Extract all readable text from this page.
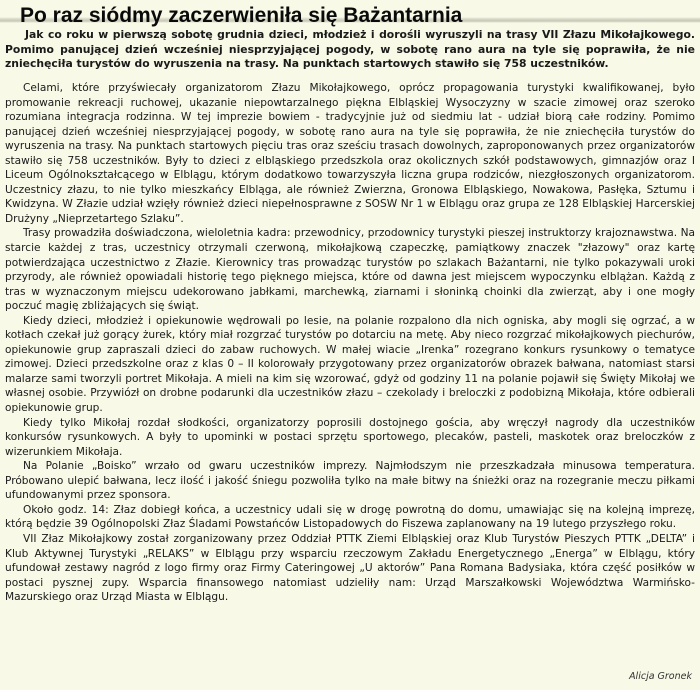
Po raz siódmy zaczerwieniła się Bażantarnia

Jak co roku w pierwszą sobotę grudnia dzieci, młodzież i dorośli wyruszyli na trasy VII Złazu Mikołajkowego. Pomimo panującej dzień wcześniej niesprzyjającej pogody, w sobotę rano aura na tyle się poprawiła, że nie zniechęciła turystów do wyruszenia na trasy. Na punktach startowych stawiło się 758 uczestników.

Celami, które przyświecały organizatorom Złazu Mikołajkowego, oprócz propagowania turystyki kwalifikowanej, było promowanie rekreacji ruchowej, ukazanie niepowtarzalnego piękna Elbląskiej Wysoczyzny w szacie zimowej oraz szeroko rozumiana integracja rodzinna. W tej imprezie bowiem - tradycyjnie już od siedmiu lat - udział biorą całe rodziny. Pomimo panującej dzień wcześniej niesprzyjającej pogody, w sobotę rano aura na tyle się poprawiła, że nie zniechęciła turystów do wyruszenia na trasy. Na punktach startowych pięciu tras oraz sześciu trasach dowolnych, zaproponowanych przez organizatorów stawiło się 758 uczestników. Były to dzieci z elbląskiego przedszkola oraz okolicznych szkół podstawowych, gimnazjów oraz I Liceum Ogólnokształcącego w Elblągu, którym dodatkowo towarzyszyła liczna grupa rodziców, niezgłoszonych organizatorom. Uczestnicy złazu, to nie tylko mieszkańcy Elbląga, ale również Zwierzna, Gronowa Elbląskiego, Nowakowa, Pasłęka, Sztumu i Kwidzyna. W Złazie udział wzięły również dzieci niepełnosprawne z SOSW Nr 1 w Elblągu oraz grupa ze 128 Elbląskiej Harcerskiej Drużyny „Nieprzetartego Szlaku”.

Trasy prowadziła doświadczona, wieloletnia kadra: przewodnicy, przodownicy turystyki pieszej instruktorzy krajoznawstwa. Na starcie każdej z tras, uczestnicy otrzymali czerwoną, mikołajkową czapeczkę, pamiątkowy znaczek "złazowy" oraz kartę potwierdzająca uczestnictwo z Złazie. Kierownicy tras prowadząc turystów po szlakach Bażantarni, nie tylko pokazywali uroki przyrody, ale również opowiadali historię tego pięknego miejsca, które od dawna jest miejscem wypoczynku elblążan. Każdą z tras w wyznaczonym miejscu udekorowano jabłkami, marchewką, ziarnami i słoninką choinki dla zwierząt, aby i one mogły poczuć magię zbliżających się świąt.

Kiedy dzieci, młodzież i opiekunowie wędrowali po lesie, na polanie rozpalono dla nich ogniska, aby mogli się ogrzać, a w kotłach czekał już gorący żurek, który miał rozgrzać turystów po dotarciu na metę. Aby nieco rozgrzać mikołajkowych piechurów, opiekunowie grup zapraszali dzieci do zabaw ruchowych. W małej wiacie „Irenka” rozegrano konkurs rysunkowy o tematyce zimowej. Dzieci przedszkolne oraz z klas 0 – II kolorowały przygotowany przez organizatorów obrazek bałwana, natomiast starsi malarze sami tworzyli portret Mikołaja. A mieli na kim się wzorować, gdyż od godziny 11 na polanie pojawił się Święty Mikołaj we własnej osobie. Przywiózł on drobne podarunki dla uczestników złazu – czekolady i breloczki z podobizną Mikołaja, które odbierali opiekunowie grup.

Kiedy tylko Mikołaj rozdał słodkości, organizatorzy poprosili dostojnego gościa, aby wręczył nagrody dla uczestników konkursów rysunkowych. A były to upominki w postaci sprzętu sportowego, plecaków, pasteli, maskotek oraz breloczków z wizerunkiem Mikołaja.

Na Polanie „Boisko” wrzało od gwaru uczestników imprezy. Najmłodszym nie przeszkadzała minusowa temperatura. Próbowano ulepić bałwana, lecz ilość i jakość śniegu pozwoliła tylko na małe bitwy na śnieżki oraz na rozegranie meczu piłkami ufundowanymi przez sponsora.

Około godz. 14: Złaz dobiegł końca, a uczestnicy udali się w drogę powrotną do domu, umawiając się na kolejną imprezę, którą będzie 39 Ogólnopolski Złaz Śladami Powstańców Listopadowych do Fiszewa zaplanowany na 19 lutego przyszłego roku.

VII Złaz Mikołajkowy został zorganizowany przez Oddział PTTK Ziemi Elbląskiej oraz Klub Turystów Pieszych PTTK „DELTA” i Klub Aktywnej Turystyki „RELAKS” w Elblągu przy wsparciu rzeczowym Zakładu Energetycznego „Energa” w Elblągu, który ufundował zestawy nagród z logo firmy oraz Firmy Cateringowej „U aktorów” Pana Romana Badysiaka, która część posiłków w postaci pysznej zupy. Wsparcia finansowego natomiast udzieliły nam: Urząd Marszałkowski Województwa Warmińsko-Mazurskiego oraz Urząd Miasta w Elblągu.

Alicja Gronek
